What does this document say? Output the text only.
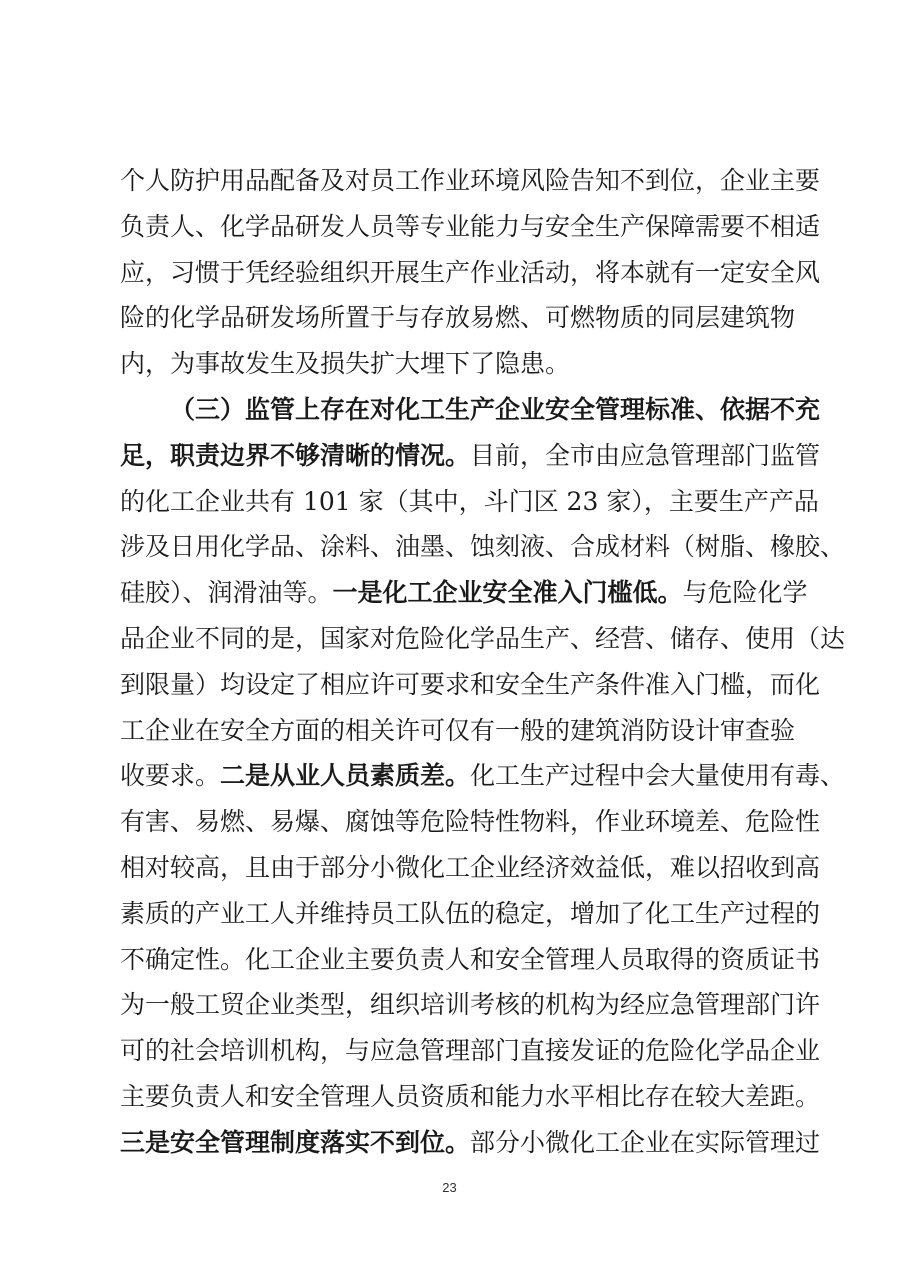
个人防护用品配备及对员工作业环境风险告知不到位，企业主要
负责人、化学品研发人员等专业能力与安全生产保障需要不相适
应，习惯于凭经验组织开展生产作业活动，将本就有一定安全风
险的化学品研发场所置于与存放易燃、可燃物质的同层建筑物
内，为事故发生及损失扩大埋下了隐患。
（三）监管上存在对化工生产企业安全管理标准、依据不充
足，职责边界不够清晰的情况。目前，全市由应急管理部门监管
的化工企业共有 101 家（其中，斗门区 23 家），主要生产产品
涉及日用化学品、涂料、油墨、蚀刻液、合成材料（树脂、橡胶、
硅胶）、润滑油等。一是化工企业安全准入门槛低。与危险化学
品企业不同的是，国家对危险化学品生产、经营、储存、使用（达
到限量）均设定了相应许可要求和安全生产条件准入门槛，而化
工企业在安全方面的相关许可仅有一般的建筑消防设计审查验
收要求。二是从业人员素质差。化工生产过程中会大量使用有毒、
有害、易燃、易爆、腐蚀等危险特性物料，作业环境差、危险性
相对较高，且由于部分小微化工企业经济效益低，难以招收到高
素质的产业工人并维持员工队伍的稳定，增加了化工生产过程的
不确定性。化工企业主要负责人和安全管理人员取得的资质证书
为一般工贸企业类型，组织培训考核的机构为经应急管理部门许
可的社会培训机构，与应急管理部门直接发证的危险化学品企业
主要负责人和安全管理人员资质和能力水平相比存在较大差距。
三是安全管理制度落实不到位。部分小微化工企业在实际管理过
23
